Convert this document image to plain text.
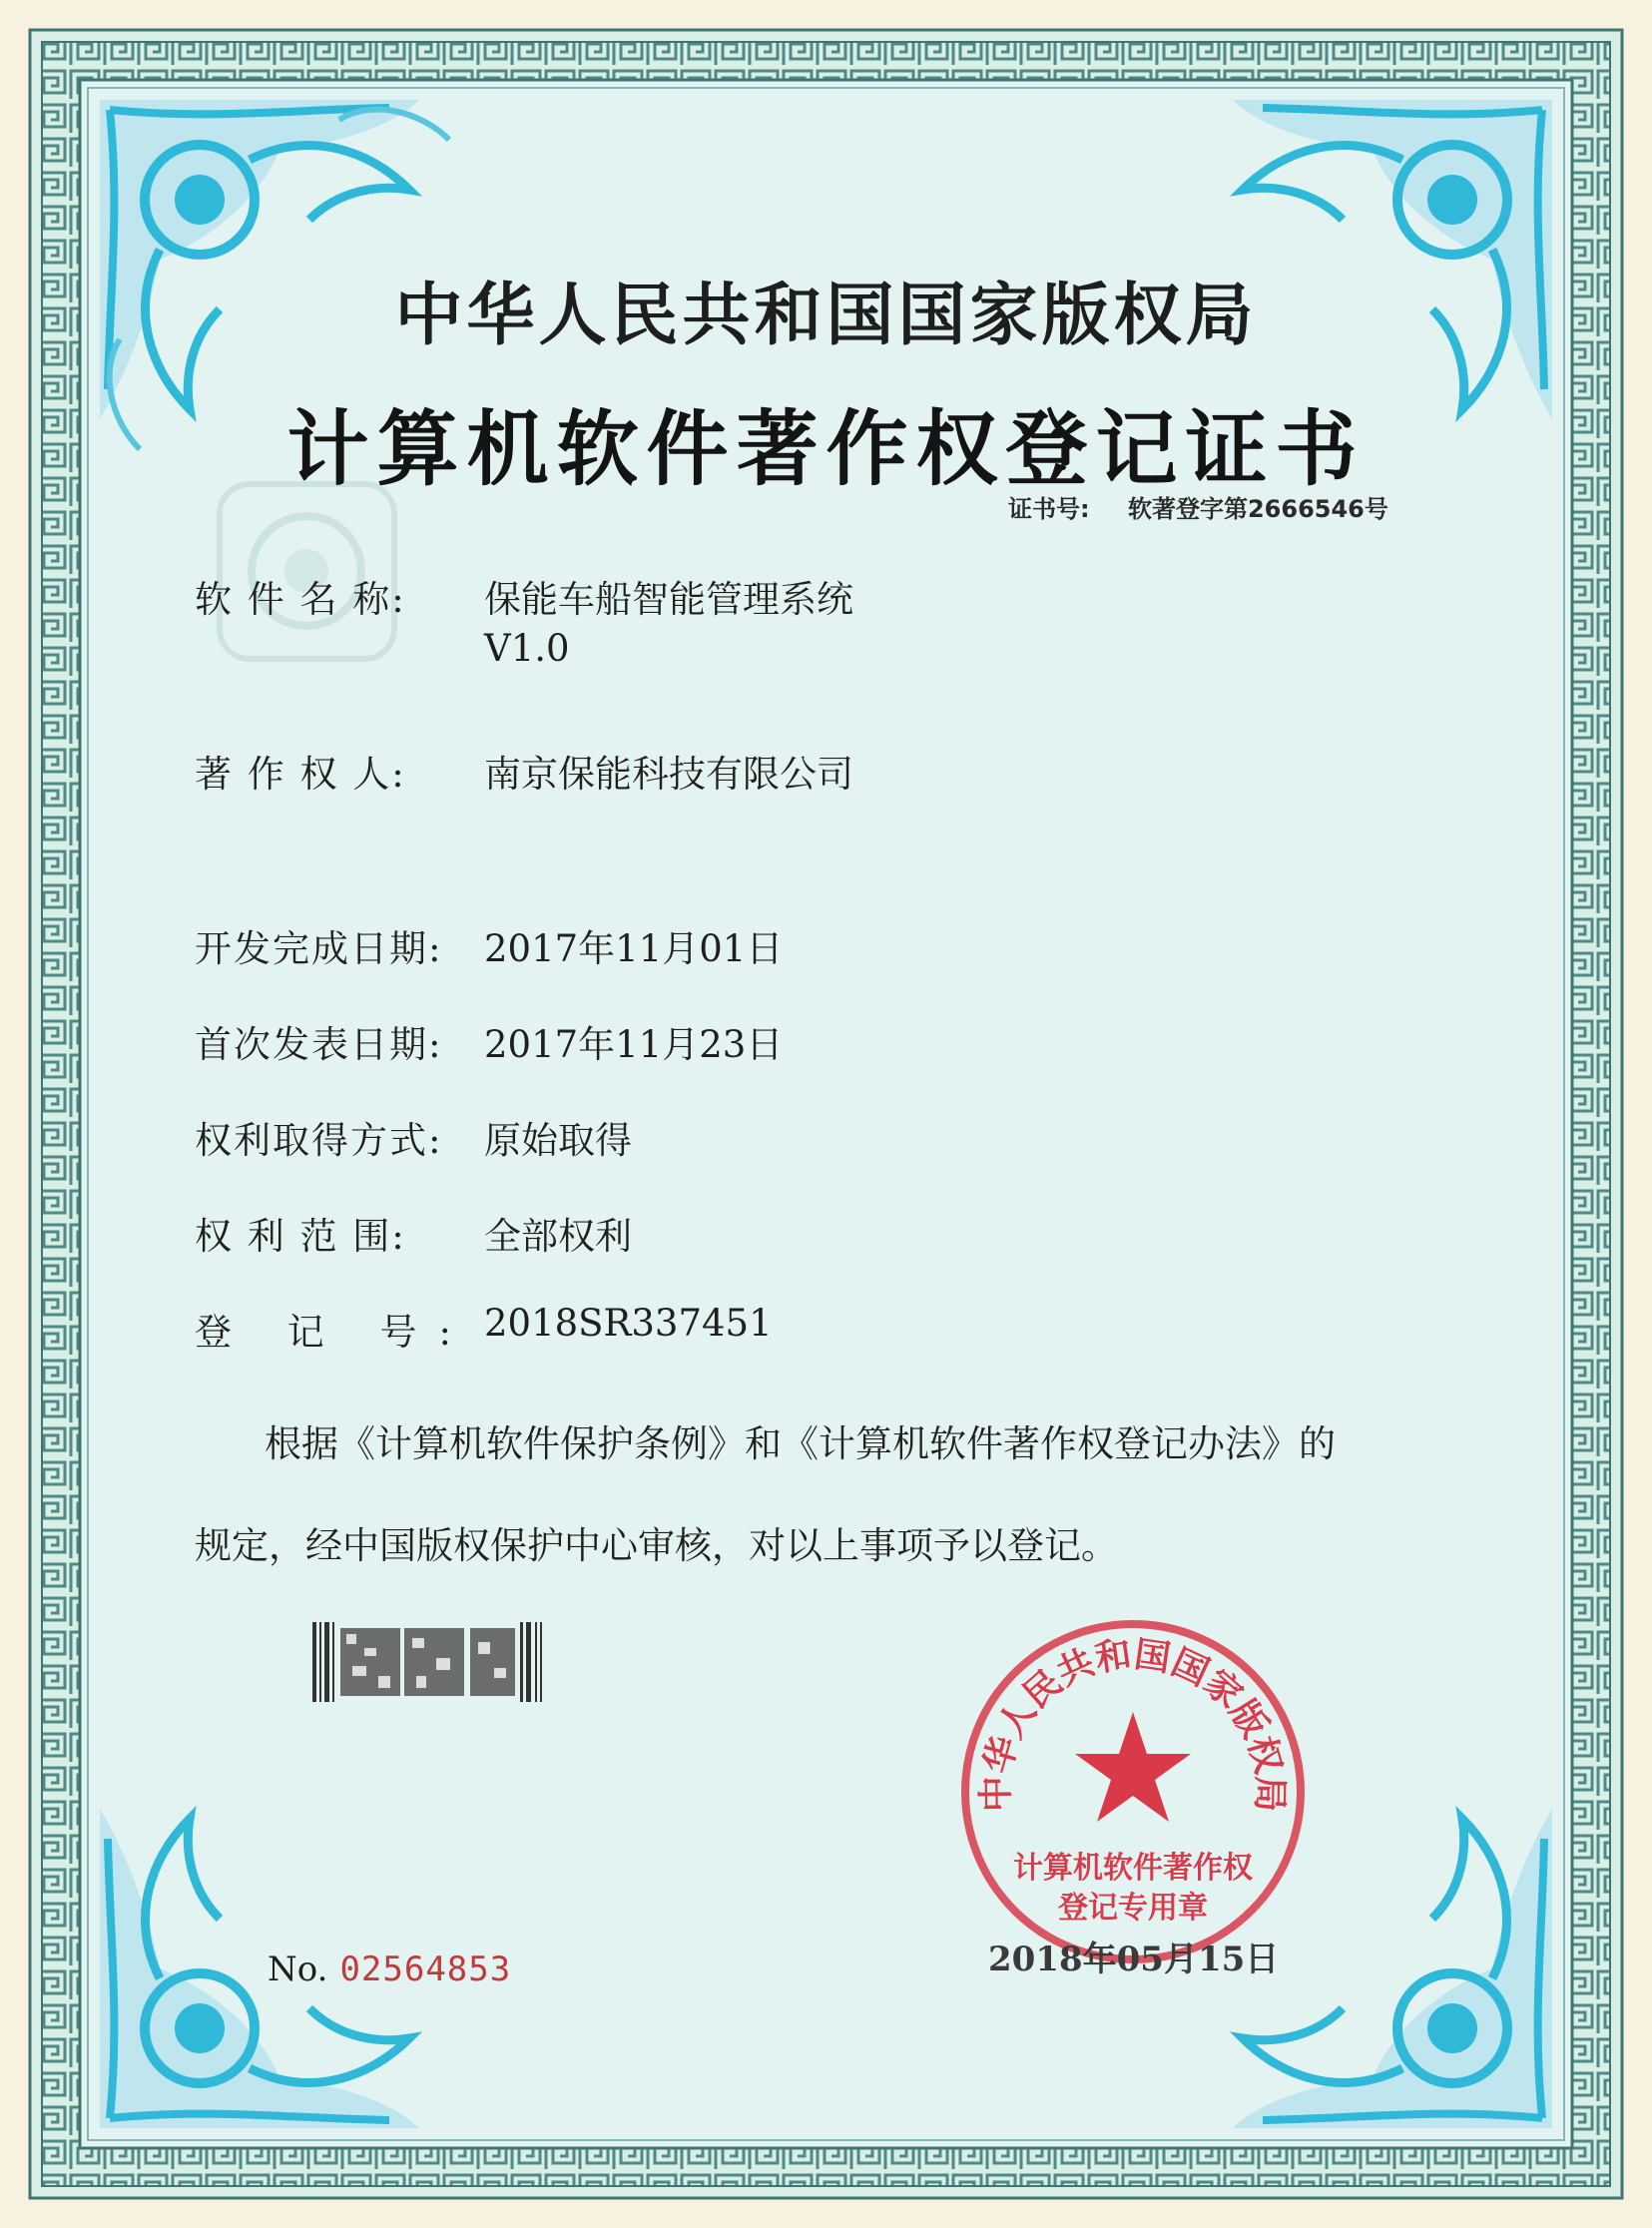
中华人民共和国国家版权局
计算机软件著作权登记证书
证书号: 软著登字第2666546号
软 件 名 称: 保能车船智能管理系统
V1.0
著 作 权 人: 南京保能科技有限公司
开发完成日期: 2017年11月01日
首次发表日期: 2017年11月23日
权利取得方式: 原始取得
权 利 范 围: 全部权利
登 记 号: 2018SR337451
根据《计算机软件保护条例》和《计算机软件著作权登记办法》的
规定，经中国版权保护中心审核，对以上事项予以登记。
中华人民共和国国家版权局
计算机软件著作权
登记专用章
No. 02564853	2018年05月15日
